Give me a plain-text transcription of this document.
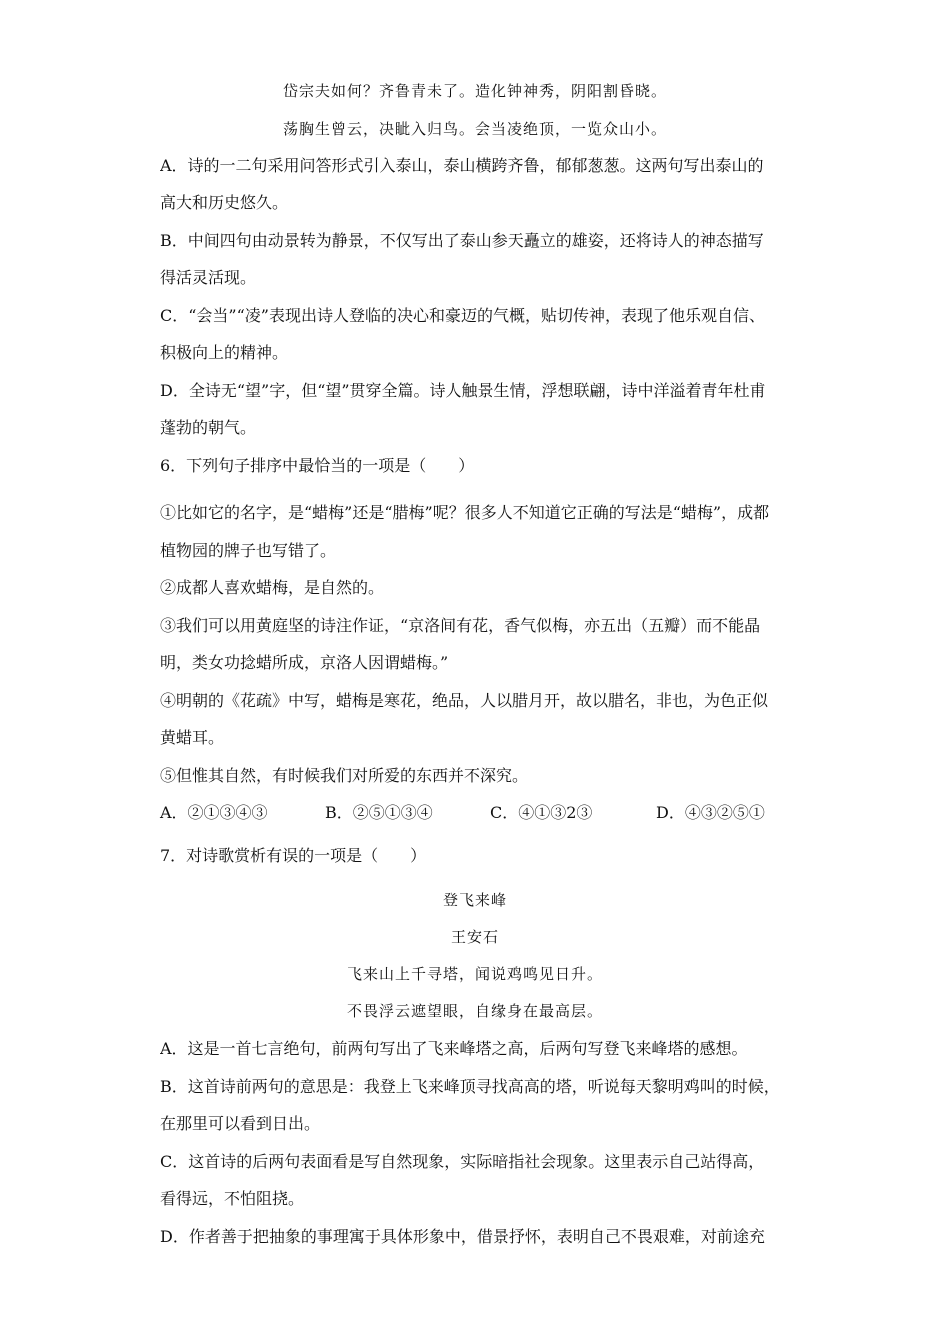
岱宗夫如何？齐鲁青未了。造化钟神秀，阴阳割昏晓。
荡胸生曾云，决眦入归鸟。会当凌绝顶，一览众山小。
A．诗的一二句采用问答形式引入泰山，泰山横跨齐鲁，郁郁葱葱。这两句写出泰山的
高大和历史悠久。
B．中间四句由动景转为静景，不仅写出了泰山参天矗立的雄姿，还将诗人的神态描写
得活灵活现。
C．“会当”“凌”表现出诗人登临的决心和豪迈的气概，贴切传神，表现了他乐观自信、
积极向上的精神。
D．全诗无“望”字，但“望”贯穿全篇。诗人触景生情，浮想联翩，诗中洋溢着青年杜甫
蓬勃的朝气。
6．下列句子排序中最恰当的一项是（　　）
①比如它的名字，是“蜡梅”还是“腊梅”呢？很多人不知道它正确的写法是“蜡梅”，成都
植物园的牌子也写错了。
②成都人喜欢蜡梅，是自然的。
③我们可以用黄庭坚的诗注作证，“京洛间有花，香气似梅，亦五出（五瓣）而不能晶
明，类女功捻蜡所成，京洛人因谓蜡梅。”
④明朝的《花疏》中写，蜡梅是寒花，绝品，人以腊月开，故以腊名，非也，为色正似
黄蜡耳。
⑤但惟其自然，有时候我们对所爱的东西并不深究。
A．②①③④③	B．②⑤①③④	C．④①③2③	D．④③②⑤①
7．对诗歌赏析有误的一项是（　　）
登飞来峰
王安石
飞来山上千寻塔，闻说鸡鸣见日升。
不畏浮云遮望眼，自缘身在最高层。
A．这是一首七言绝句，前两句写出了飞来峰塔之高，后两句写登飞来峰塔的感想。
B．这首诗前两句的意思是：我登上飞来峰顶寻找高高的塔，听说每天黎明鸡叫的时候，
在那里可以看到日出。
C．这首诗的后两句表面看是写自然现象，实际暗指社会现象。这里表示自己站得高，
看得远，不怕阻挠。
D．作者善于把抽象的事理寓于具体形象中，借景抒怀，表明自己不畏艰难，对前途充
